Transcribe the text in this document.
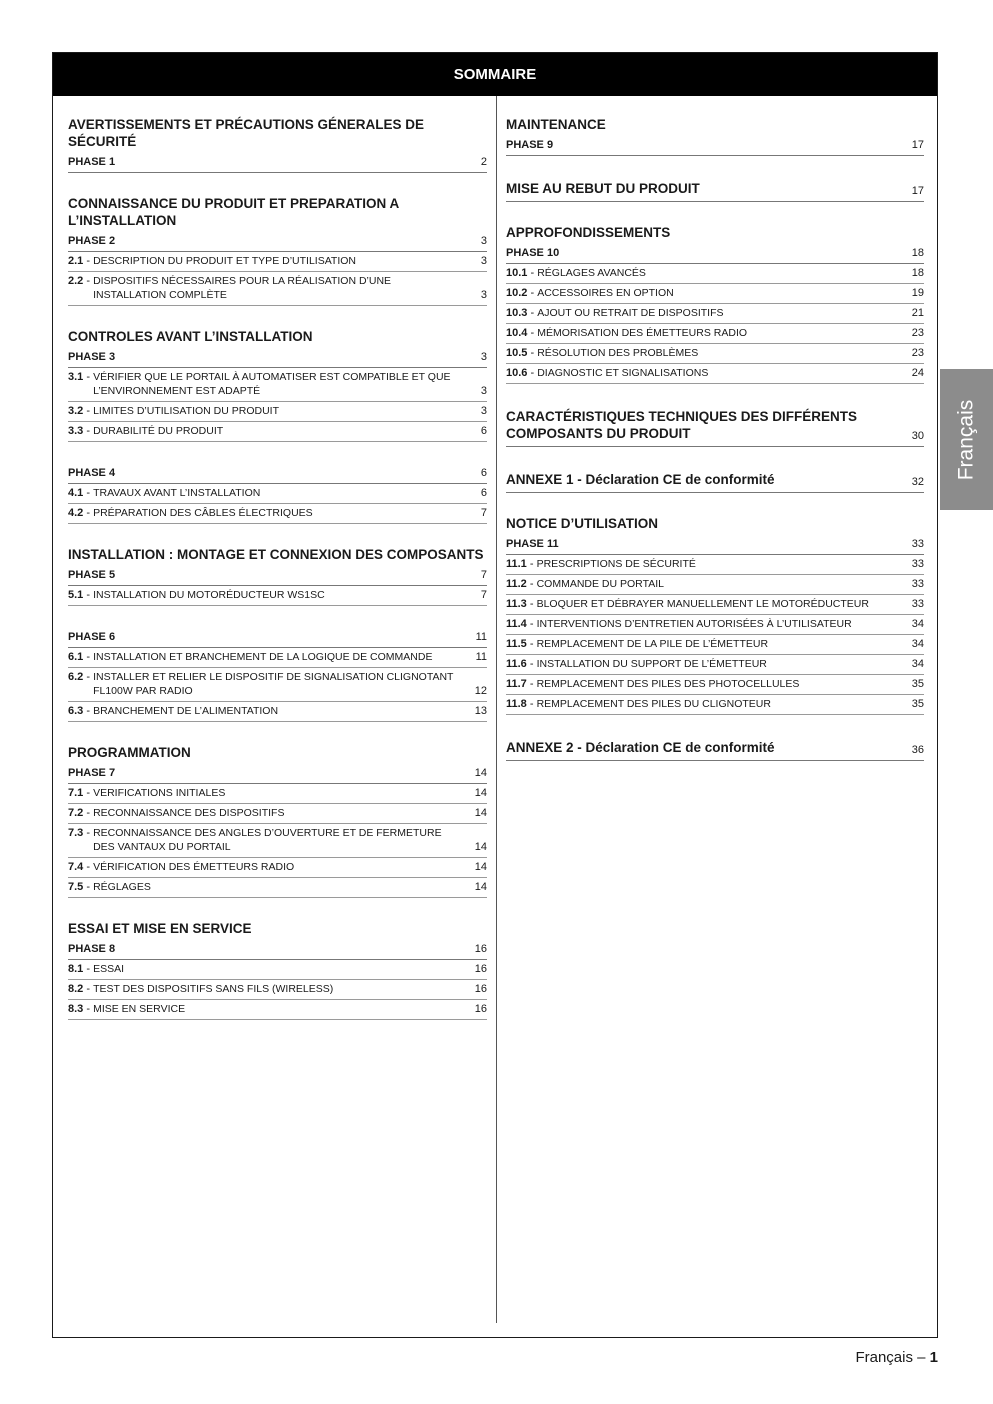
SOMMAIRE
AVERTISSEMENTS ET PRÉCAUTIONS GÉNERALES DE SÉCURITÉ
PHASE 1	2
CONNAISSANCE DU PRODUIT ET PREPARATION A L’INSTALLATION
PHASE 2	3
2.1 - DESCRIPTION DU PRODUIT ET TYPE D’UTILISATION	3
2.2 - DISPOSITIFS NÉCESSAIRES POUR LA RÉALISATION D’UNE INSTALLATION COMPLÈTE	3
CONTROLES AVANT L’INSTALLATION
PHASE 3	3
3.1 - VÉRIFIER QUE LE PORTAIL À AUTOMATISER EST COMPATIBLE ET QUE L’ENVIRONNEMENT EST ADAPTÉ	3
3.2 - LIMITES D’UTILISATION DU PRODUIT	3
3.3 - DURABILITÉ DU PRODUIT	6
PHASE 4	6
4.1 - TRAVAUX AVANT L’INSTALLATION	6
4.2 - PRÉPARATION DES CÂBLES ÉLECTRIQUES	7
INSTALLATION : MONTAGE ET CONNEXION DES COMPOSANTS
PHASE 5	7
5.1 - INSTALLATION DU MOTORÉDUCTEUR WS1SC	7
PHASE 6	11
6.1 - INSTALLATION ET BRANCHEMENT DE LA LOGIQUE DE COMMANDE	11
6.2 - INSTALLER ET RELIER LE DISPOSITIF DE SIGNALISATION CLIGNOTANT FL100W PAR RADIO	12
6.3 - BRANCHEMENT DE L’ALIMENTATION	13
PROGRAMMATION
PHASE 7	14
7.1 - VERIFICATIONS INITIALES	14
7.2 - RECONNAISSANCE DES DISPOSITIFS	14
7.3 - RECONNAISSANCE DES ANGLES D’OUVERTURE ET DE FERMETURE DES VANTAUX DU PORTAIL	14
7.4 - VÉRIFICATION DES ÉMETTEURS RADIO	14
7.5 - RÉGLAGES	14
ESSAI ET MISE EN SERVICE
PHASE 8	16
8.1 - ESSAI	16
8.2 - TEST DES DISPOSITIFS SANS FILS (WIRELESS)	16
8.3 - MISE EN SERVICE	16
MAINTENANCE
PHASE 9	17
MISE AU REBUT DU PRODUIT	17
APPROFONDISSEMENTS
PHASE 10	18
10.1 - RÉGLAGES AVANCÉS	18
10.2 - ACCESSOIRES EN OPTION	19
10.3 - AJOUT OU RETRAIT DE DISPOSITIFS	21
10.4 - MÉMORISATION DES ÉMETTEURS RADIO	23
10.5 - RÉSOLUTION DES PROBLÈMES	23
10.6 - DIAGNOSTIC ET SIGNALISATIONS	24
CARACTÉRISTIQUES TECHNIQUES DES DIFFÉRENTS COMPOSANTS DU PRODUIT	30
ANNEXE 1 - Déclaration CE de conformité	32
NOTICE D’UTILISATION
PHASE 11	33
11.1 - PRESCRIPTIONS DE SÉCURITÉ	33
11.2 - COMMANDE DU PORTAIL	33
11.3 - BLOQUER ET DÉBRAYER MANUELLEMENT LE MOTORÉDUCTEUR	33
11.4 - INTERVENTIONS D’ENTRETIEN AUTORISÉES À L’UTILISATEUR	34
11.5 - REMPLACEMENT DE LA PILE DE L’ÉMETTEUR	34
11.6 - INSTALLATION DU SUPPORT DE L’ÉMETTEUR	34
11.7 - REMPLACEMENT DES PILES DES PHOTOCELLULES	35
11.8 - REMPLACEMENT DES PILES DU CLIGNOTEUR	35
ANNEXE 2 - Déclaration CE de conformité	36
Français
Français – 1
